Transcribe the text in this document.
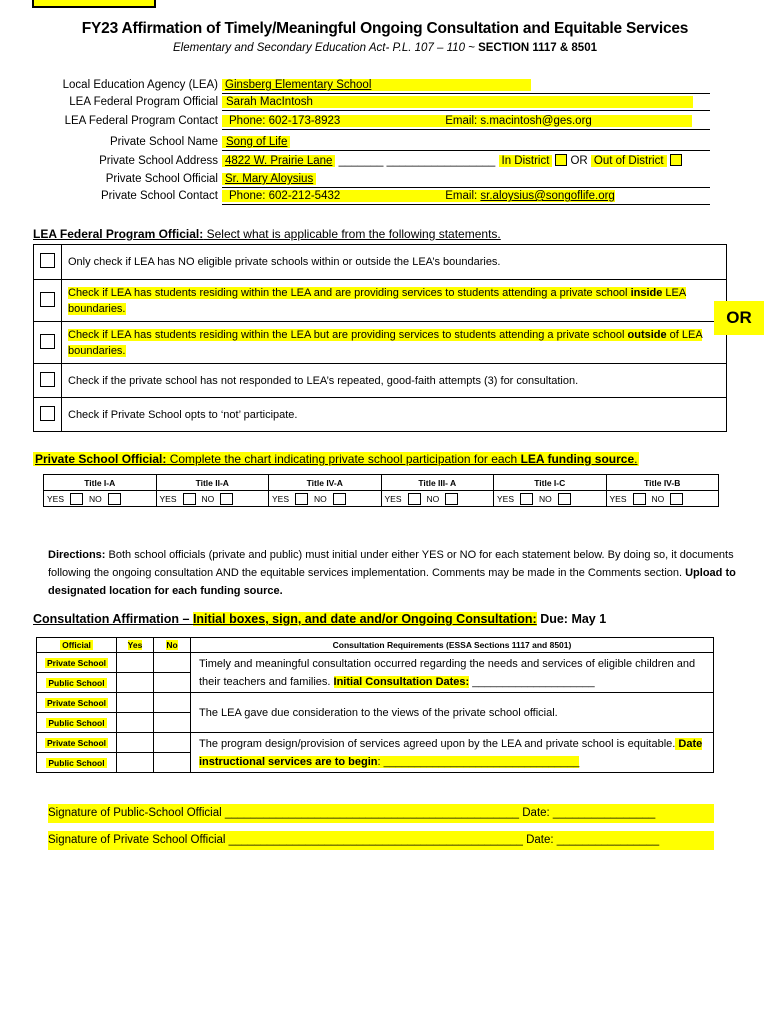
FY23 Affirmation of Timely/Meaningful Ongoing Consultation and Equitable Services
Elementary and Secondary Education Act- P.L. 107 – 110 ~ SECTION 1117 & 8501
Local Education Agency (LEA) Ginsberg Elementary School
LEA Federal Program Official Sarah MacIntosh
LEA Federal Program Contact Phone: 602-173-8923	Email: s.macintosh@ges.org
Private School Name Song of Life
Private School Address 4822 W. Prairie Lane _______ _________________ In District OR Out of District
Private School Official Sr. Mary Aloysius
Private School Contact Phone: 602-212-5432	Email: sr.aloysius@songoflife.org
LEA Federal Program Official: Select what is applicable from the following statements.
	Only check if LEA has NO eligible private schools within or outside the LEA’s boundaries.
	Check if LEA has students residing within the LEA and are providing services to students attending a private school inside LEA boundaries.
	Check if LEA has students residing within the LEA but are providing services to students attending a private school outside of LEA boundaries.
	Check if the private school has not responded to LEA’s repeated, good-faith attempts (3) for consultation.
	Check if Private School opts to ‘not’ participate.
OR
Private School Official: Complete the chart indicating private school participation for each LEA funding source.
Title I-A	Title II-A	Title IV-A	Title III- A	Title I-C	Title IV-B
YES NO	YES NO	YES NO	YES NO	YES NO	YES NO
Directions: Both school officials (private and public) must initial under either YES or NO for each statement below. By doing so, it documents following the ongoing consultation AND the equitable services implementation. Comments may be made in the Comments section. Upload to designated location for each funding source.
Consultation Affirmation – Initial boxes, sign, and date and/or Ongoing Consultation: Due: May 1
Official	Yes	No	Consultation Requirements (ESSA Sections 1117 and 8501)
Private School			Timely and meaningful consultation occurred regarding the needs and services of eligible children and their teachers and families. Initial Consultation Dates: ____________________
Public School			
Private School			The LEA gave due consideration to the views of the private school official.
Public School			
Private School			The program design/provision of services agreed upon by the LEA and private school is equitable. Date instructional services are to begin: ________________________________
Public School			
Signature of Public-School Official ______________________________________________ Date: ________________
Signature of Private School Official ______________________________________________ Date: ________________
